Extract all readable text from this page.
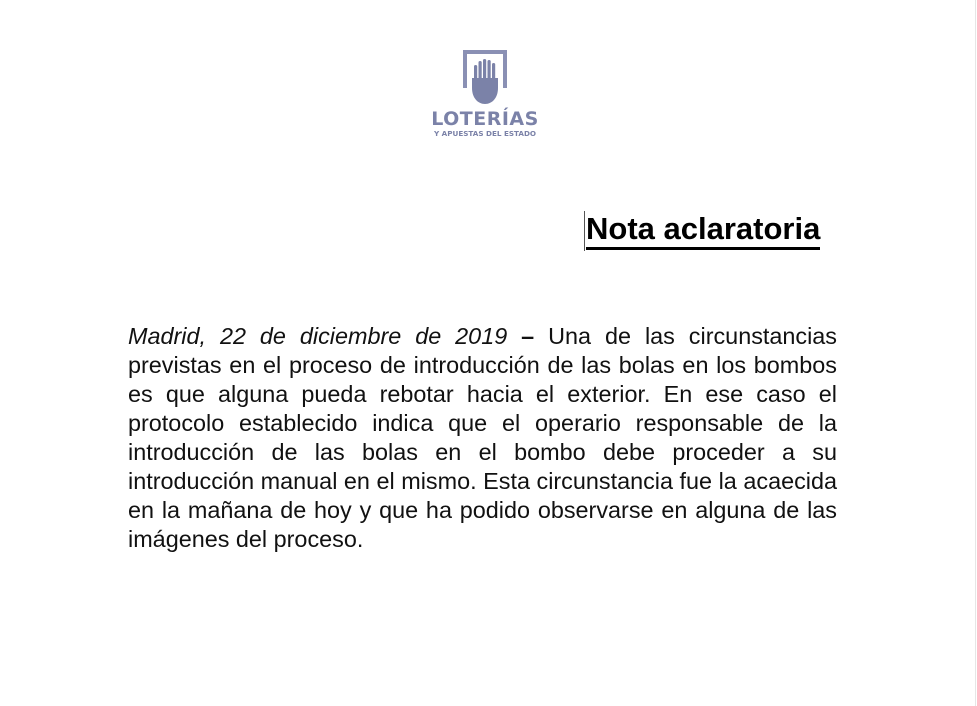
LOTERÍAS
Y APUESTAS DEL ESTADO
Nota aclaratoria

Madrid, 22 de diciembre de 2019 – Una de las circunstancias previstas en el proceso de introducción de las bolas en los bombos es que alguna pueda rebotar hacia el exterior. En ese caso el protocolo establecido indica que el operario responsable de la introducción de las bolas en el bombo debe proceder a su introducción manual en el mismo. Esta circunstancia fue la acaecida en la mañana de hoy y que ha podido observarse en alguna de las imágenes del proceso.
